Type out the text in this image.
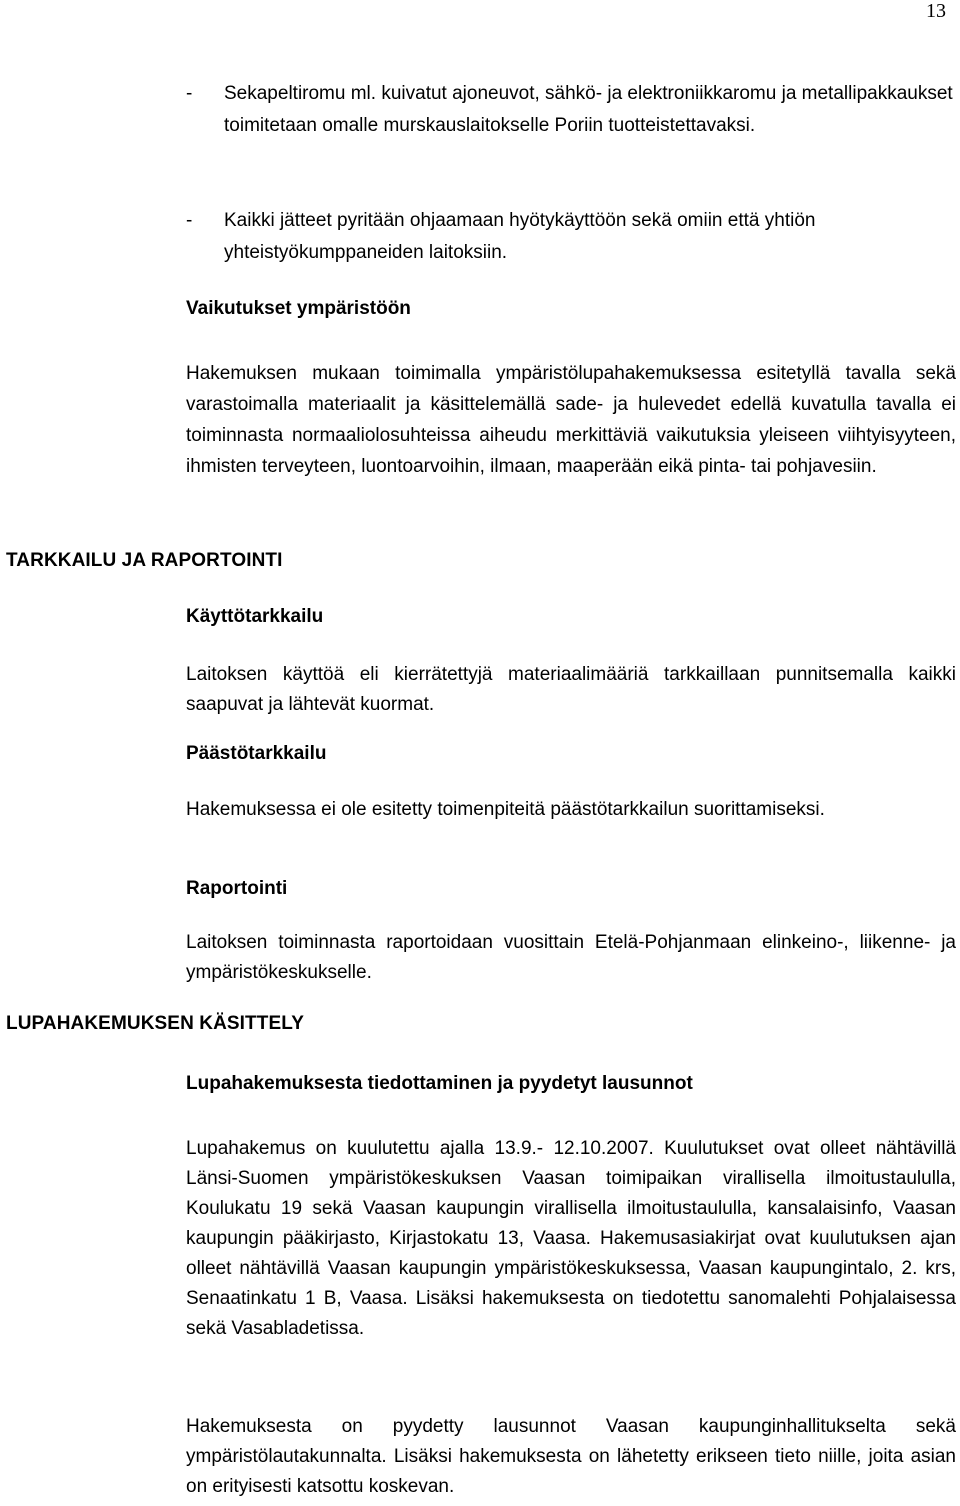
13
- Sekapeltiromu ml. kuivatut ajoneuvot, sähkö- ja elektroniikkaromu ja metallipakkaukset toimitetaan omalle murskauslaitokselle Poriin tuotteistettavaksi.
- Kaikki jätteet pyritään ohjaamaan hyötykäyttöön sekä omiin että yhtiön yhteistyökumppaneiden laitoksiin.
Vaikutukset ympäristöön
Hakemuksen mukaan toimimalla ympäristölupahakemuksessa esitetyllä tavalla sekä varastoimalla materiaalit ja käsittelemällä sade- ja hulevedet edellä kuvatulla tavalla ei toiminnasta normaaliolosuhteissa aiheudu merkittäviä vaikutuksia yleiseen viihtyisyyteen, ihmisten terveyteen, luontoarvoihin, ilmaan, maaperään eikä pinta- tai pohjavesiin.
TARKKAILU JA RAPORTOINTI
Käyttötarkkailu
Laitoksen käyttöä eli kierrätettyjä materiaalimääriä tarkkaillaan punnitsemalla kaikki saapuvat ja lähtevät kuormat.
Päästötarkkailu
Hakemuksessa ei ole esitetty toimenpiteitä päästötarkkailun suorittamiseksi.
Raportointi
Laitoksen toiminnasta raportoidaan vuosittain Etelä-Pohjanmaan elinkeino-, liikenne- ja ympäristökeskukselle.
LUPAHAKEMUKSEN KÄSITTELY
Lupahakemuksesta tiedottaminen ja pyydetyt lausunnot
Lupahakemus on kuulutettu ajalla 13.9.- 12.10.2007. Kuulutukset ovat olleet nähtävillä Länsi-Suomen ympäristökeskuksen Vaasan toimipaikan virallisella ilmoitustaululla, Koulukatu 19 sekä Vaasan kaupungin virallisella ilmoitustaululla, kansalaisinfo, Vaasan kaupungin pääkirjasto, Kirjastokatu 13, Vaasa. Hakemusasiakirjat ovat kuulutuksen ajan olleet nähtävillä Vaasan kaupungin ympäristökeskuksessa, Vaasan kaupungintalo, 2. krs, Senaatinkatu 1 B, Vaasa. Lisäksi hakemuksesta on tiedotettu sanomalehti Pohjalaisessa sekä Vasabladetissa.
Hakemuksesta on pyydetty lausunnot Vaasan kaupunginhallitukselta sekä ympäristölautakunnalta. Lisäksi hakemuksesta on lähetetty erikseen tieto niille, joita asian on erityisesti katsottu koskevan.
